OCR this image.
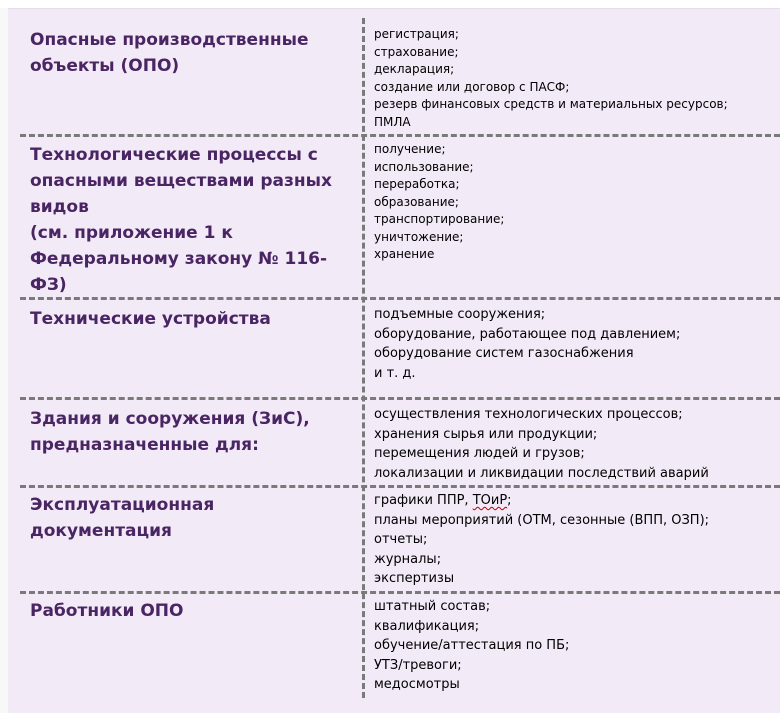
Опасные производственные
объекты (ОПО)
регистрация;
страхование;
декларация;
создание или договор с ПАСФ;
резерв финансовых средств и материальных ресурсов;
ПМЛА
Технологические процессы с
опасными веществами разных
видов
(см. приложение 1 к
Федеральному закону № 116-ФЗ)
получение;
использование;
переработка;
образование;
транспортирование;
уничтожение;
хранение
Технические устройства	подъемные сооружения;
оборудование, работающее под давлением;
оборудование систем газоснабжения
и т. д.
Здания и сооружения (ЗиС),
предназначенные для:
осуществления технологических процессов;
хранения сырья или продукции;
перемещения людей и грузов;
локализации и ликвидации последствий аварий
Эксплуатационная документация
графики ППР, ТОиР;
планы мероприятий (ОТМ, сезонные (ВПП, ОЗП);
отчеты;
журналы;
экспертизы
Работники ОПО	штатный состав;
квалификация;
обучение/аттестация по ПБ;
УТЗ/тревоги;
медосмотры
